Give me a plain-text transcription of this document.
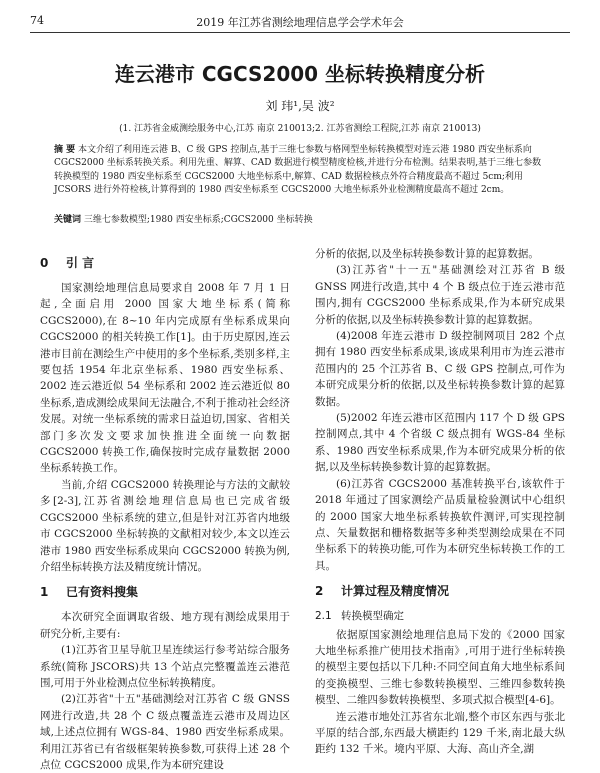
74	2019 年江苏省测绘地理信息学会学术年会
连云港市 CGCS2000 坐标转换精度分析
刘 玮¹,吴 波²
(1. 江苏省金威测绘服务中心,江苏 南京 210013;2. 江苏省测绘工程院,江苏 南京 210013)
摘 要 本文介绍了利用连云港 B、C 级 GPS 控制点,基于三维七参数与格网型坐标转换模型对连云港 1980 西安坐标系向 CGCS2000 坐标系转换关系。利用先重、解算、CAD 数据进行模型精度检核,并进行分布检测。结果表明,基于三维七参数转换模型的 1980 西安坐标系至 CGCS2000 大地坐标系中,解算、CAD 数据检核点外符合精度最高不超过 5cm;利用 JCSORS 进行外符检核,计算得到的 1980 西安坐标系至 CGCS2000 大地坐标系外业检测精度最高不超过 2cm。
关键词 三维七参数模型;1980 西安坐标系;CGCS2000 坐标转换
0 引 言

国家测绘地理信息局要求自 2008 年 7 月 1 日起,全面启用 2000 国家大地坐标系(简称 CGCS2000),在 8~10 年内完成原有坐标系成果向 CGCS2000 的相关转换工作[1]。由于历史原因,连云港市目前在测绘生产中使用的多个坐标系,类别多样,主要包括 1954 年北京坐标系、1980 西安坐标系、2002 连云港近似 54 坐标系和 2002 连云港近似 80 坐标系,造成测绘成果间无法融合,不利于推动社会经济发展。对统一坐标系统的需求日益迫切,国家、省相关部门多次发文要求加快推进全面统一向数据 CGCS2000 转换工作,确保按时完成存量数据 2000 坐标系转换工作。

当前,介绍 CGCS2000 转换理论与方法的文献较多[2-3],江苏省测绘地理信息局也已完成省级 CGCS2000 坐标系统的建立,但是针对江苏省内地级市 CGCS2000 坐标转换的文献相对较少,本文以连云港市 1980 西安坐标系成果向 CGCS2000 转换为例,介绍坐标转换方法及精度统计情况。

1 已有资料搜集

本次研究全面调取省级、地方现有测绘成果用于研究分析,主要有:

(1)江苏省卫星导航卫星连续运行参考站综合服务系统(简称 JSCORS)共 13 个站点完整覆盖连云港范围,可用于外业检测点位坐标转换精度。

(2)江苏省"十五"基础测绘对江苏省 C 级 GNSS 网进行改造,共 28 个 C 级点覆盖连云港市及周边区域,上述点位拥有 WGS-84、1980 西安坐标系成果。利用江苏省已有省级框架转换参数,可获得上述 28 个点位 CGCS2000 成果,作为本研究建设

分析的依据,以及坐标转换参数计算的起算数据。

(3)江苏省"十一五"基础测绘对江苏省 B 级 GNSS 网进行改造,其中 4 个 B 级点位于连云港市范围内,拥有 CGCS2000 坐标系成果,作为本研究成果分析的依据,以及坐标转换参数计算的起算数据。

(4)2008 年连云港市 D 级控制网项目 282 个点拥有 1980 西安坐标系成果,该成果利用市为连云港市范围内的 25 个江苏省 B、C 级 GPS 控制点,可作为本研究成果分析的依据,以及坐标转换参数计算的起算数据。

(5)2002 年连云港市区范围内 117 个 D 级 GPS 控制网点,其中 4 个省级 C 级点拥有 WGS-84 坐标系、1980 西安坐标系成果,作为本研究成果分析的依据,以及坐标转换参数计算的起算数据。

(6)江苏省 CGCS2000 基准转换平台,该软件于 2018 年通过了国家测绘产品质量检验测试中心组织的 2000 国家大地坐标系转换软件测评,可实现控制点、矢量数据和栅格数据等多种类型测绘成果在不同坐标系下的转换功能,可作为本研究坐标转换工作的工具。

2 计算过程及精度情况
2.1 转换模型确定

依据原国家测绘地理信息局下发的《2000 国家大地坐标系推广使用技术指南》,可用于进行坐标转换的模型主要包括以下几种:不同空间直角大地坐标系间的变换模型、三维七参数转换模型、三维四参数转换模型、二维四参数转换模型、多项式拟合模型[4-6]。

连云港市地处江苏省东北端,整个市区东西与张北平原的结合部,东西最大横距约 129 千米,南北最大纵距约 132 千米。境内平原、大海、高山齐全,湖
